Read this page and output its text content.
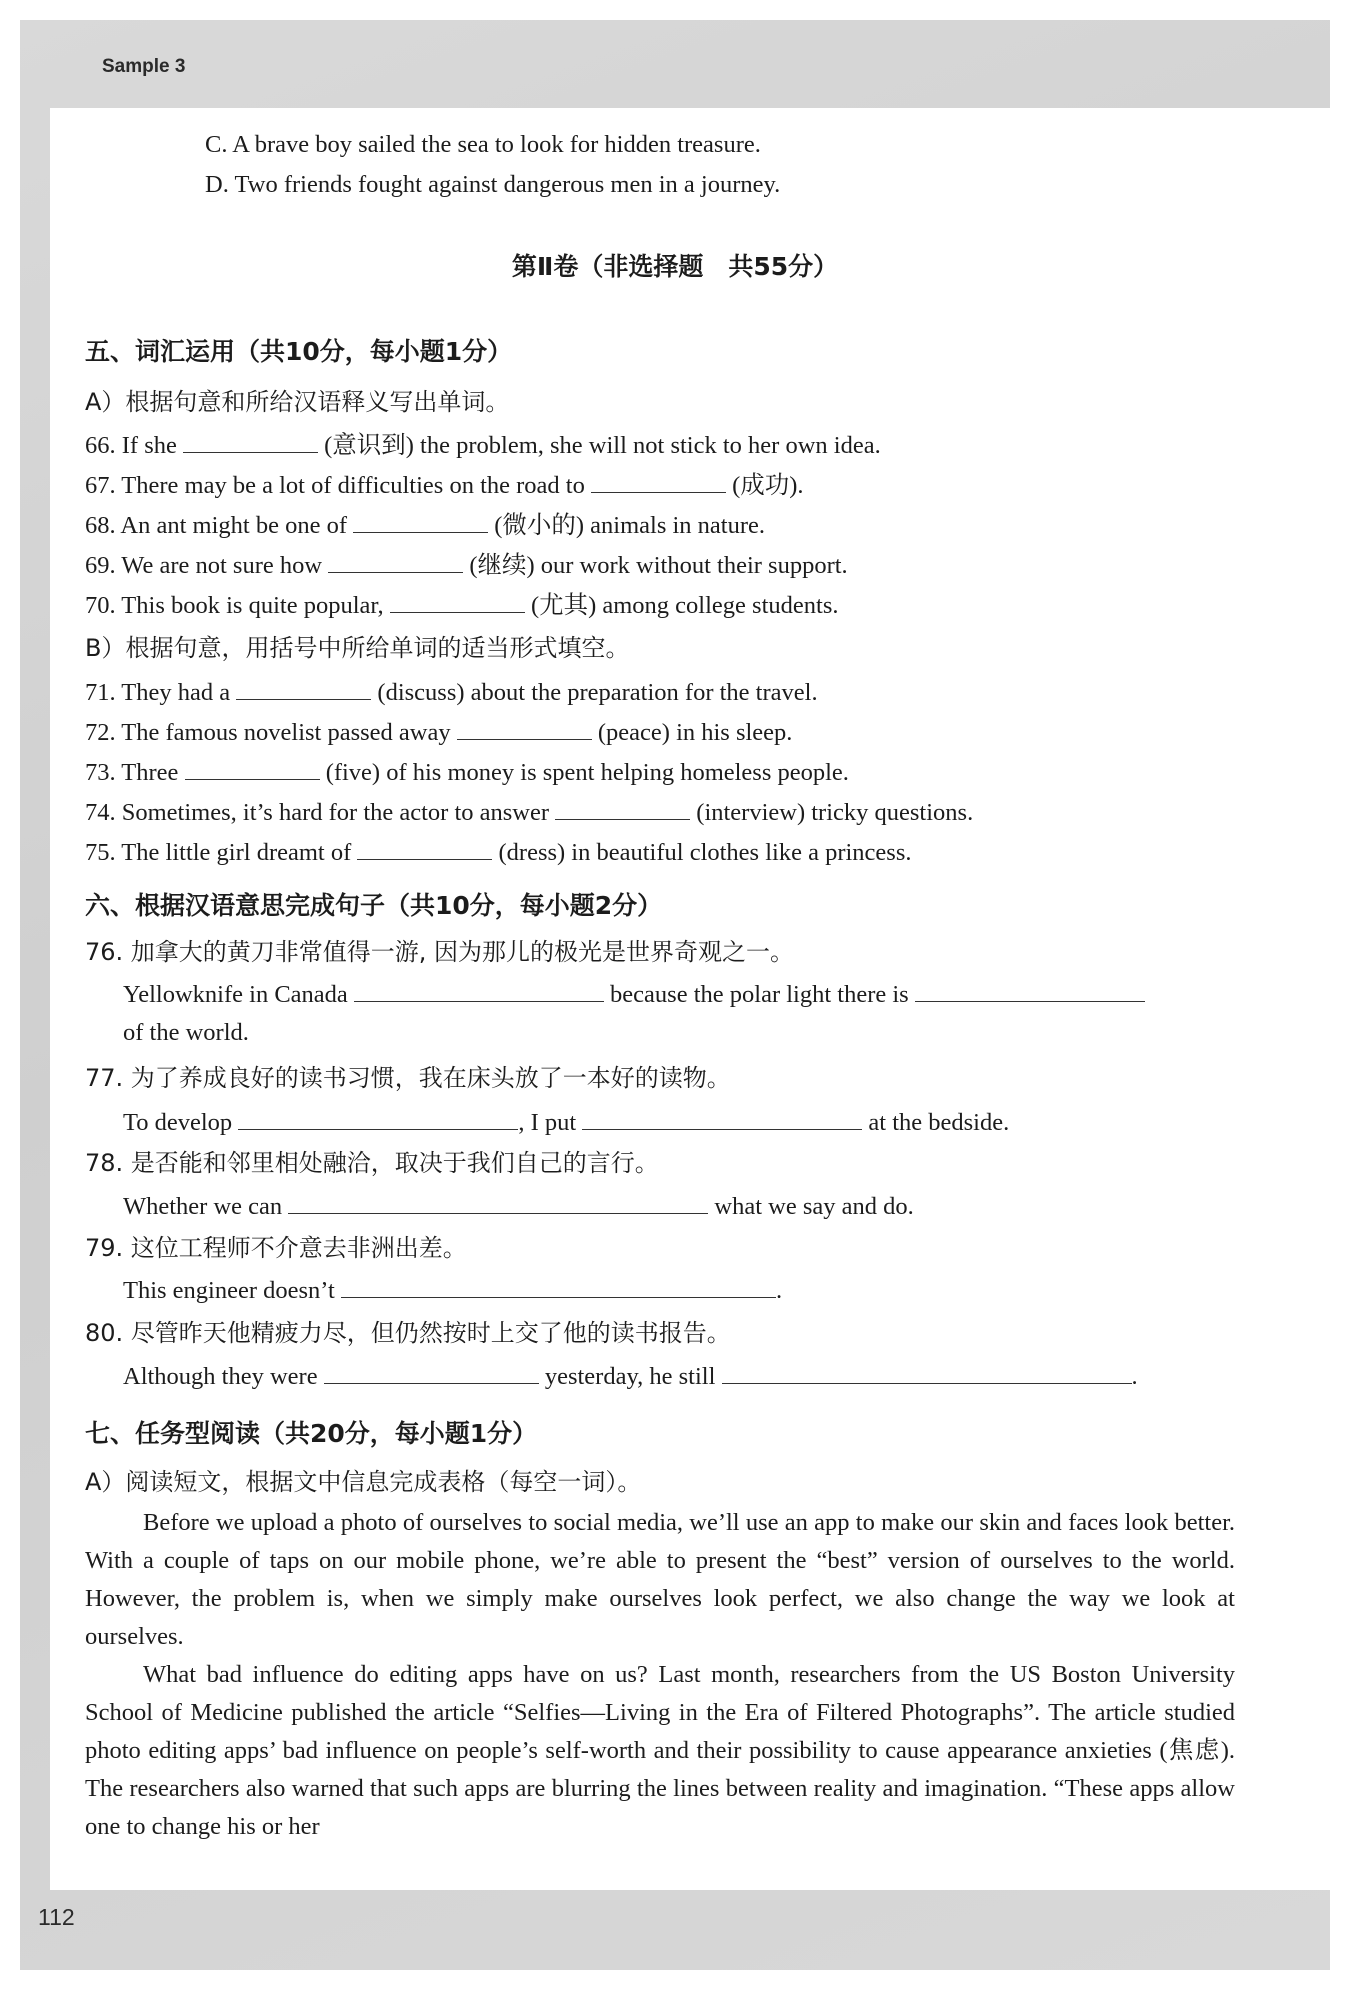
Sample 3
112
C. A brave boy sailed the sea to look for hidden treasure.
D. Two friends fought against dangerous men in a journey.
第Ⅱ卷（非选择题　共55分）
五、词汇运用（共10分，每小题1分）
A）根据句意和所给汉语释义写出单词。
66. If she	(意识到) the problem, she will not stick to her own idea.
67. There may be a lot of difficulties on the road to	(成功).
68. An ant might be one of	(微小的) animals in nature.
69. We are not sure how	(继续) our work without their support.
70. This book is quite popular,	(尤其) among college students.
B）根据句意，用括号中所给单词的适当形式填空。
71. They had a	(discuss) about the preparation for the travel.
72. The famous novelist passed away	(peace) in his sleep.
73. Three	(five) of his money is spent helping homeless people.
74. Sometimes, it’s hard for the actor to answer	(interview) tricky questions.
75. The little girl dreamt of	(dress) in beautiful clothes like a princess.
六、根据汉语意思完成句子（共10分，每小题2分）
76. 加拿大的黄刀非常值得一游, 因为那儿的极光是世界奇观之一。
Yellowknife in Canada	because the polar light there is
of the world.
77. 为了养成良好的读书习惯，我在床头放了一本好的读物。
To develop	, I put	at the bedside.
78. 是否能和邻里相处融洽，取决于我们自己的言行。
Whether we can	what we say and do.
79. 这位工程师不介意去非洲出差。
This engineer doesn’t	.
80. 尽管昨天他精疲力尽，但仍然按时上交了他的读书报告。
Although they were	yesterday, he still	.
七、任务型阅读（共20分，每小题1分）
A）阅读短文，根据文中信息完成表格（每空一词）。
Before we upload a photo of ourselves to social media, we’ll use an app to make our skin and faces look better. With a couple of taps on our mobile phone, we’re able to present the “best” version of ourselves to the world. However, the problem is, when we simply make ourselves look perfect, we also change the way we look at ourselves.
What bad influence do editing apps have on us? Last month, researchers from the US Boston University School of Medicine published the article “Selfies—Living in the Era of Filtered Photographs”. The article studied photo editing apps’ bad influence on people’s self-worth and their possibility to cause appearance anxieties (焦虑). The researchers also warned that such apps are blurring the lines between reality and imagination. “These apps allow one to change his or her
